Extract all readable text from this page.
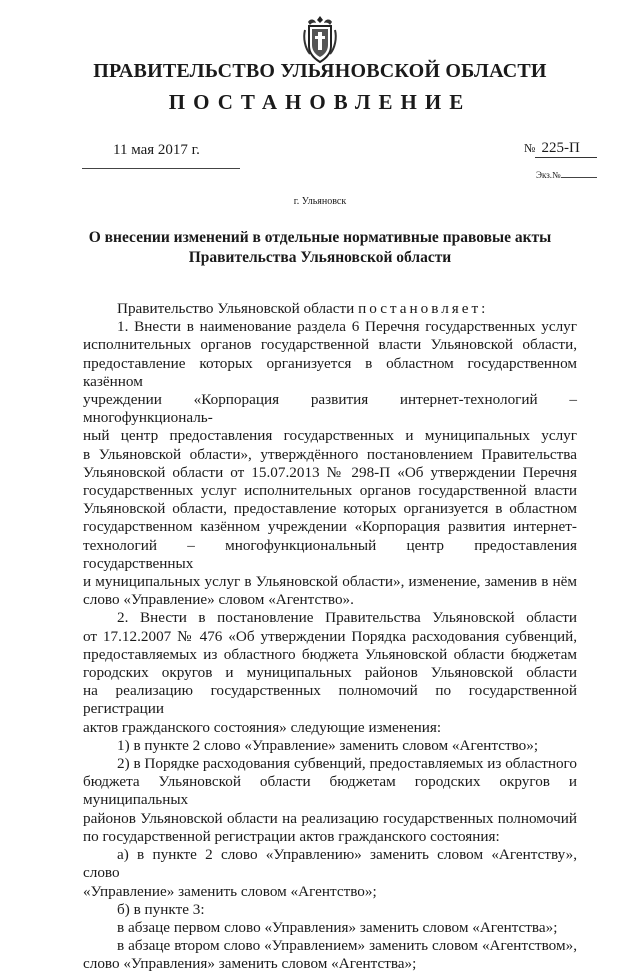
ПРАВИТЕЛЬСТВО УЛЬЯНОВСКОЙ ОБЛАСТИ
ПОСТАНОВЛЕНИЕ
11 мая 2017 г.	№ 225-П
Экз.№
г. Ульяновск
О внесении изменений в отдельные нормативные правовые акты
Правительства Ульяновской области
Правительство Ульяновской области постановляет:
1. Внести в наименование раздела 6 Перечня государственных услуг
исполнительных органов государственной власти Ульяновской области,
предоставление которых организуется в областном государственном казённом
учреждении «Корпорация развития интернет-технологий – многофункциональ-
ный центр предоставления государственных и муниципальных услуг
в Ульяновской области», утверждённого постановлением Правительства
Ульяновской области от 15.07.2013 № 298-П «Об утверждении Перечня
государственных услуг исполнительных органов государственной власти
Ульяновской области, предоставление которых организуется в областном
государственном казённом учреждении «Корпорация развития интернет-
технологий – многофункциональный центр предоставления государственных
и муниципальных услуг в Ульяновской области», изменение, заменив в нём
слово «Управление» словом «Агентство».
2. Внести в постановление Правительства Ульяновской области
от 17.12.2007 № 476 «Об утверждении Порядка расходования субвенций,
предоставляемых из областного бюджета Ульяновской области бюджетам
городских округов и муниципальных районов Ульяновской области
на реализацию государственных полномочий по государственной регистрации
актов гражданского состояния» следующие изменения:
1) в пункте 2 слово «Управление» заменить словом «Агентство»;
2) в Порядке расходования субвенций, предоставляемых из областного
бюджета Ульяновской области бюджетам городских округов и муниципальных
районов Ульяновской области на реализацию государственных полномочий
по государственной регистрации актов гражданского состояния:
а) в пункте 2 слово «Управлению» заменить словом «Агентству», слово
«Управление» заменить словом «Агентство»;
б) в пункте 3:
в абзаце первом слово «Управления» заменить словом «Агентства»;
в абзаце втором слово «Управлением» заменить словом «Агентством»,
слово «Управления» заменить словом «Агентства»;
